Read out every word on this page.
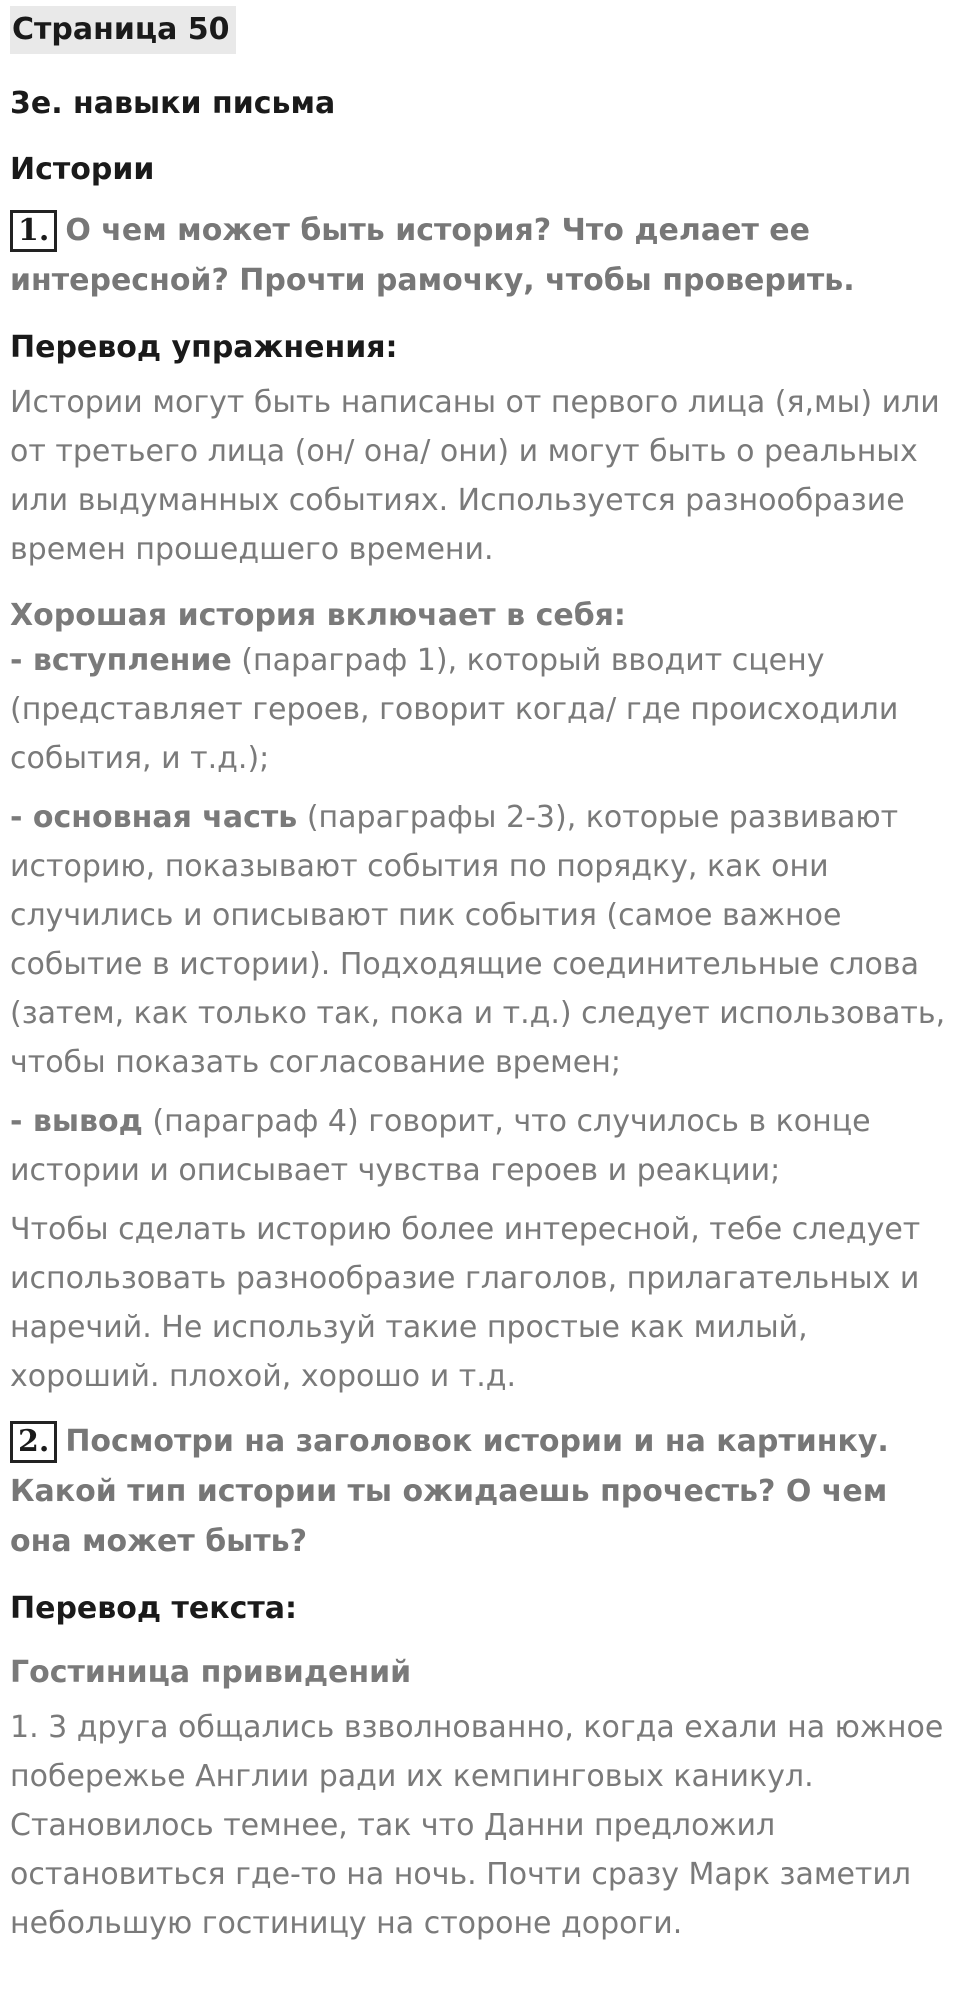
Страница 50
3е. навыки письма
Истории
1. О чем может быть история? Что делает ее интересной? Прочти рамочку, чтобы проверить.
Перевод упражнения:
Истории могут быть написаны от первого лица (я,мы) или от третьего лица (он/ она/ они) и могут быть о реальных или выдуманных событиях. Используется разнообразие времен прошедшего времени.
Хорошая история включает в себя:
- вступление (параграф 1), который вводит сцену (представляет героев, говорит когда/ где происходили события, и т.д.);
- основная часть (параграфы 2-3), которые развивают историю, показывают события по порядку, как они случились и описывают пик события (самое важное событие в истории). Подходящие соединительные слова (затем, как только так, пока и т.д.) следует использовать, чтобы показать согласование времен;
- вывод (параграф 4) говорит, что случилось в конце истории и описывает чувства героев и реакции;
Чтобы сделать историю более интересной, тебе следует использовать разнообразие глаголов, прилагательных и наречий. Не используй такие простые как милый, хороший. плохой, хорошо и т.д.
2. Посмотри на заголовок истории и на картинку. Какой тип истории ты ожидаешь прочесть? О чем она может быть?
Перевод текста:
Гостиница привидений
1. 3 друга общались взволнованно, когда ехали на южное побережье Англии ради их кемпинговых каникул. Становилось темнее, так что Данни предложил остановиться где-то на ночь. Почти сразу Марк заметил небольшую гостиницу на стороне дороги.
